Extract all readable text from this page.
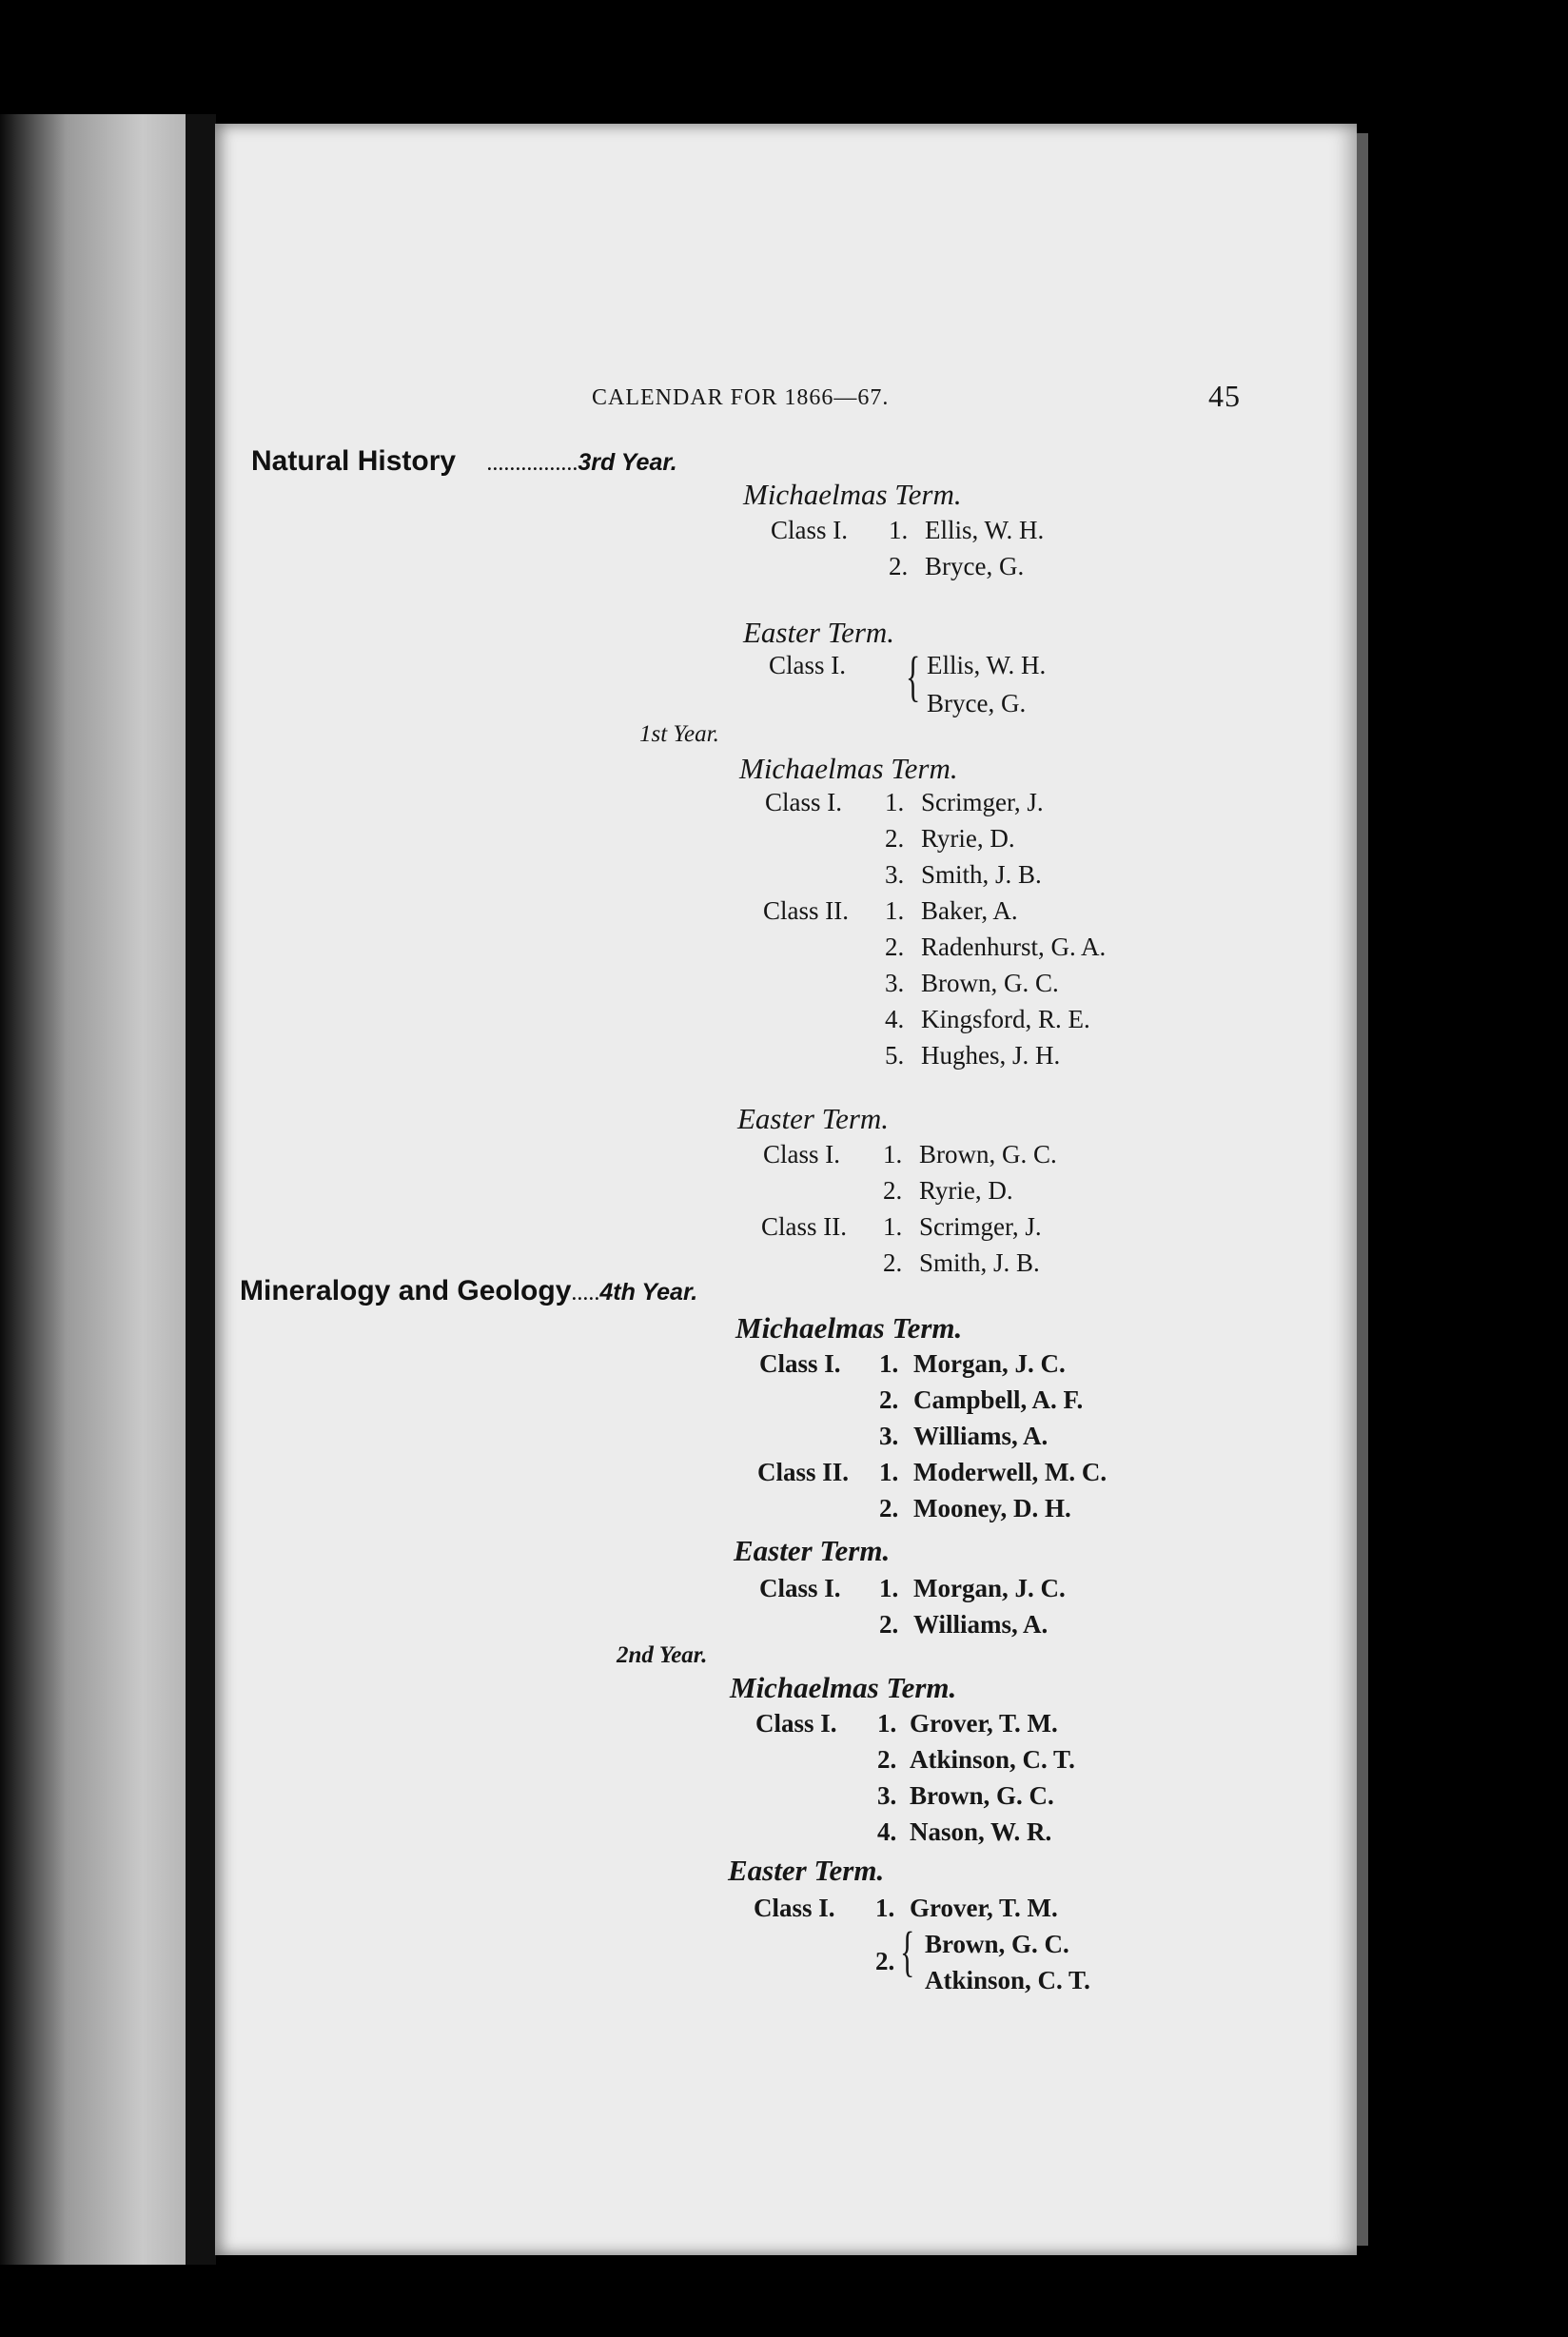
CALENDAR FOR 1866—67.	45
Natural History ................3rd Year.
Michaelmas Term.
Class I. 1. Ellis, W. H.
2. Bryce, G.
Easter Term.
Class I. { Ellis, W. H.
Bryce, G.
1st Year.
Michaelmas Term.
Class I. 1. Scrimger, J.
2. Ryrie, D.
3. Smith, J. B.
Class II. 1. Baker, A.
2. Radenhurst, G. A.
3. Brown, G. C.
4. Kingsford, R. E.
5. Hughes, J. H.
Easter Term.
Class I. 1. Brown, G. C.
2. Ryrie, D.
Class II. 1. Scrimger, J.
2. Smith, J. B.
Mineralogy and Geology.....4th Year.
Michaelmas Term.
Class I. 1. Morgan, J. C.
2. Campbell, A. F.
3. Williams, A.
Class II. 1. Moderwell, M. C.
2. Mooney, D. H.
Easter Term.
Class I. 1. Morgan, J. C.
2. Williams, A.
2nd Year.
Michaelmas Term.
Class I. 1. Grover, T. M.
2. Atkinson, C. T.
3. Brown, G. C.
4. Nason, W. R.
Easter Term.
Class I. 1. Grover, T. M.
2. { Brown, G. C.
Atkinson, C. T.
